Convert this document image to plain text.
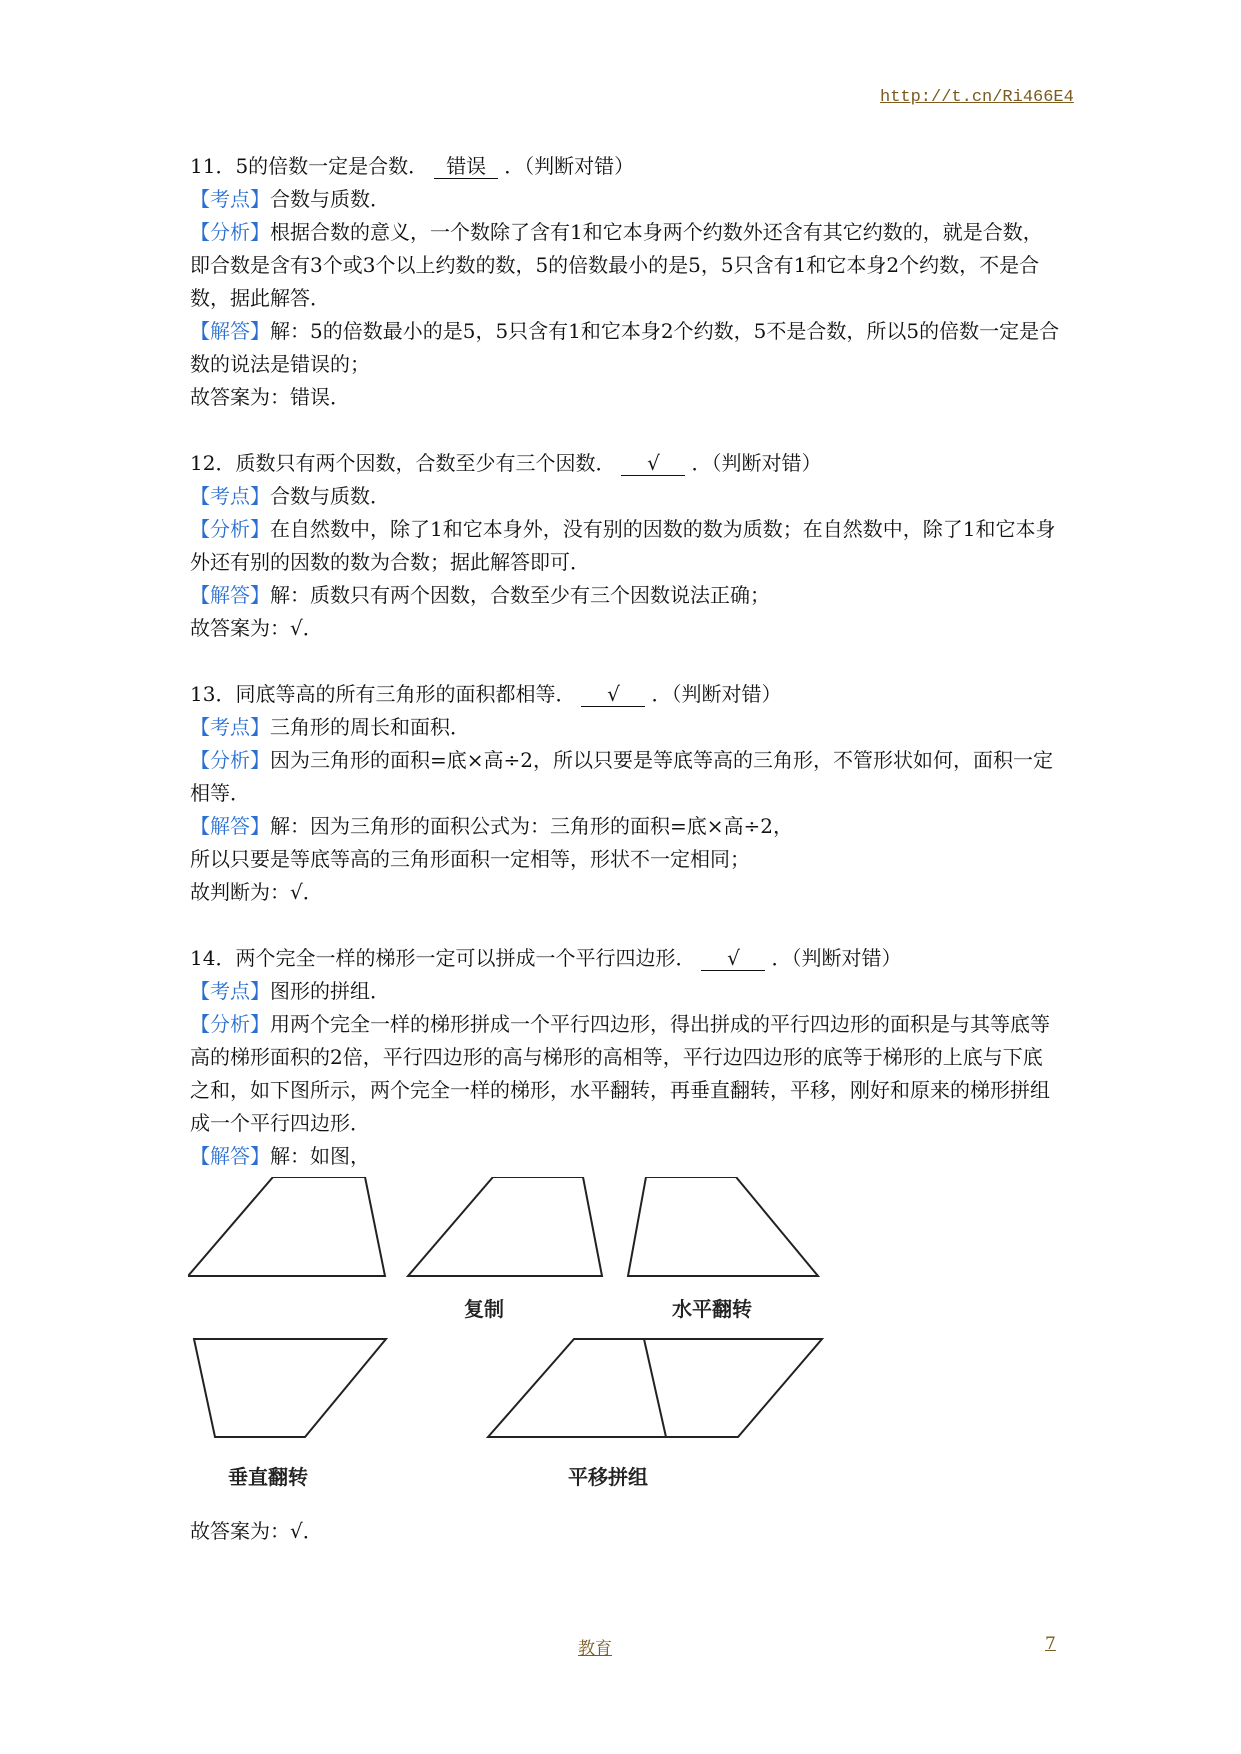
http://t.cn/Ri466E4

11．5的倍数一定是合数． 错误 ．（判断对错）

【考点】合数与质数．

【分析】根据合数的意义，一个数除了含有1和它本身两个约数外还含有其它约数的，就是合数，即合数是含有3个或3个以上约数的数，5的倍数最小的是5，5只含有1和它本身2个约数，不是合数，据此解答．

【解答】解：5的倍数最小的是5，5只含有1和它本身2个约数，5不是合数，所以5的倍数一定是合数的说法是错误的；

故答案为：错误．

12．质数只有两个因数，合数至少有三个因数． √ ．（判断对错）

【考点】合数与质数．

【分析】在自然数中，除了1和它本身外，没有别的因数的数为质数；在自然数中，除了1和它本身外还有别的因数的数为合数；据此解答即可．

【解答】解：质数只有两个因数，合数至少有三个因数说法正确；

故答案为：√．

13．同底等高的所有三角形的面积都相等． √ ．（判断对错）

【考点】三角形的周长和面积．

【分析】因为三角形的面积=底×高÷2，所以只要是等底等高的三角形，不管形状如何，面积一定相等．

【解答】解：因为三角形的面积公式为：三角形的面积=底×高÷2，

所以只要是等底等高的三角形面积一定相等，形状不一定相同；

故判断为：√．

14．两个完全一样的梯形一定可以拼成一个平行四边形． √ ．（判断对错）

【考点】图形的拼组．

【分析】用两个完全一样的梯形拼成一个平行四边形，得出拼成的平行四边形的面积是与其等底等高的梯形面积的2倍，平行四边形的高与梯形的高相等，平行边四边形的底等于梯形的上底与下底之和，如下图所示，两个完全一样的梯形，水平翻转，再垂直翻转，平移，刚好和原来的梯形拼组成一个平行四边形．

【解答】解：如图，

复制	水平翻转
垂直翻转	平移拼组

故答案为：√．

教育	7
